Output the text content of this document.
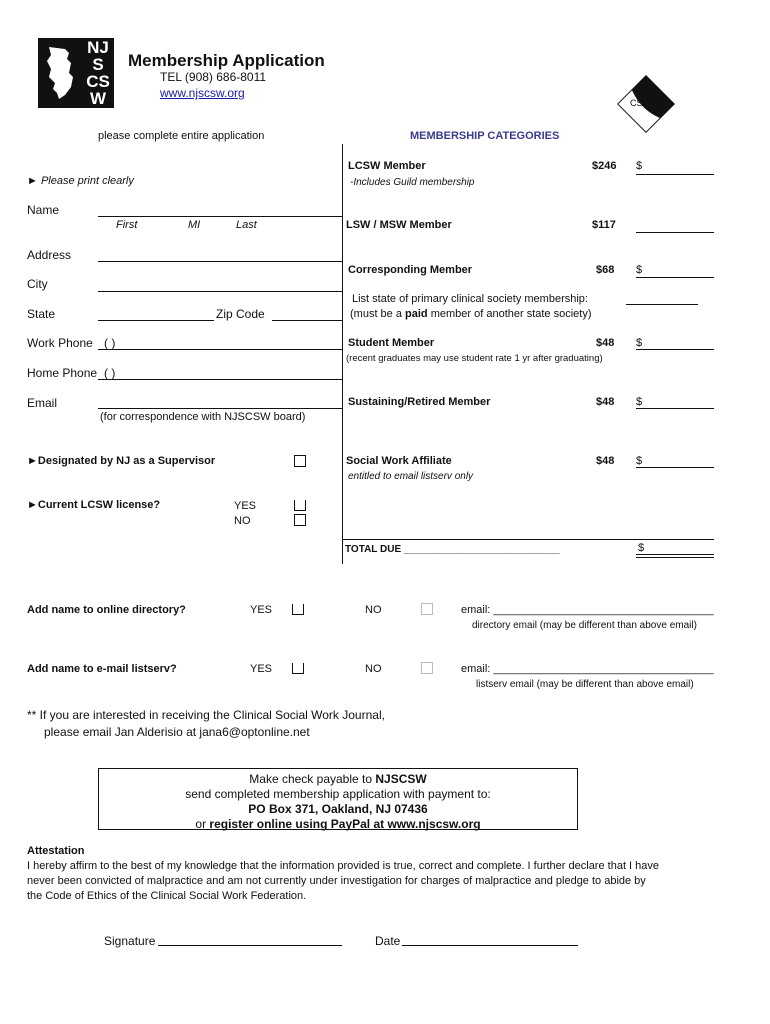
NJ
S
CS
W
Membership Application
TEL (908) 686-8011
www.njscsw.org
CSW
please complete entire application
► Please print clearly
Name
First	MI	Last
Address
City
State	Zip Code
Work Phone ( )
Home Phone ( )
Email
(for correspondence with NJSCSW board)
►Designated by NJ as a Supervisor
►Current LCSW license?	YES
NO
MEMBERSHIP CATEGORIES
LCSW Member	$246 $
-Includes Guild membership
LSW / MSW Member	$117
Corresponding Member	$68 $
List state of primary clinical society membership:
(must be a paid member of another state society)
Student Member	$48 $
(recent graduates may use student rate 1 yr after graduating)
Sustaining/Retired Member	$48 $
Social Work Affiliate	$48 $
entitled to email listserv only
TOTAL DUE ____________________________	$
Add name to online directory?	YES	NO	email: ____________________________________
directory email (may be different than above email)
Add name to e-mail listserv?	YES	NO	email: ____________________________________
listserv email (may be different than above email)
** If you are interested in receiving the Clinical Social Work Journal,
please email Jan Alderisio at jana6@optonline.net
Make check payable to NJSCSW
send completed membership application with payment to:
PO Box 371, Oakland, NJ 07436
or register online using PayPal at www.njscsw.org
Attestation
I hereby affirm to the best of my knowledge that the information provided is true, correct and complete. I further declare that I have
never been convicted of malpractice and am not currently under investigation for charges of malpractice and pledge to abide by
the Code of Ethics of the Clinical Social Work Federation.
Signature	Date
